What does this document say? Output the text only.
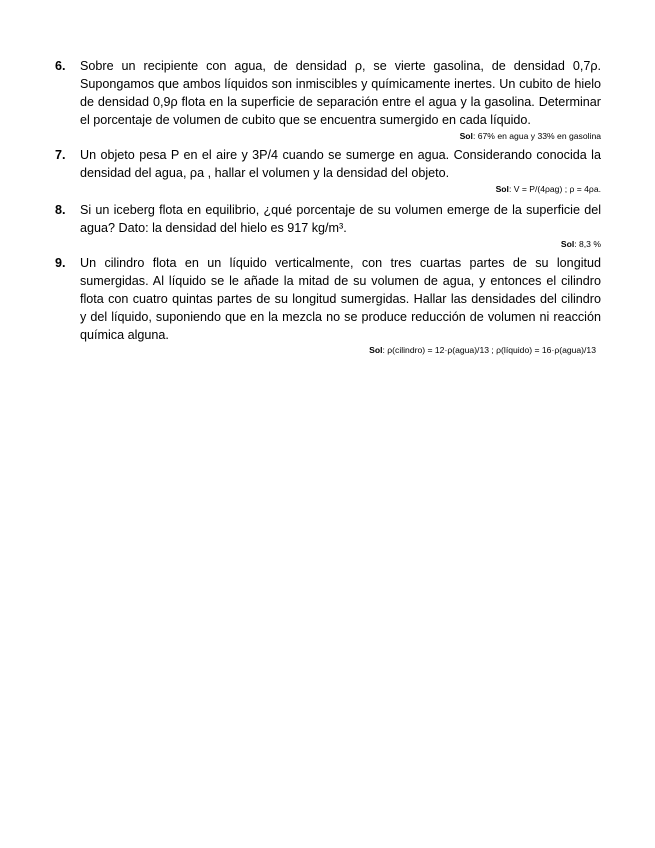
6. Sobre un recipiente con agua, de densidad ρ, se vierte gasolina, de densidad 0,7ρ.
Supongamos que ambos líquidos son inmiscibles y químicamente inertes. Un cubito de hielo
de densidad 0,9ρ flota en la superficie de separación entre el agua y la gasolina. Determinar
el porcentaje de volumen de cubito que se encuentra sumergido en cada líquido.
Sol: 67% en agua y 33% en gasolina
7. Un objeto pesa P en el aire y 3P/4 cuando se sumerge en agua. Considerando conocida la
densidad del agua, ρa , hallar el volumen y la densidad del objeto.
Sol: V = P/(4ρag) ; ρ = 4ρa.
8. Si un iceberg flota en equilibrio, ¿qué porcentaje de su volumen emerge de la superficie del
agua? Dato: la densidad del hielo es 917 kg/m³.
Sol: 8,3 %
9. Un cilindro flota en un líquido verticalmente, con tres cuartas partes de su longitud
sumergidas. Al líquido se le añade la mitad de su volumen de agua, y entonces el cilindro
flota con cuatro quintas partes de su longitud sumergidas. Hallar las densidades del cilindro
y del líquido, suponiendo que en la mezcla no se produce reducción de volumen ni reacción
química alguna.
Sol: ρ(cilindro) = 12·ρ(agua)/13 ; ρ(líquido) = 16·ρ(agua)/13
